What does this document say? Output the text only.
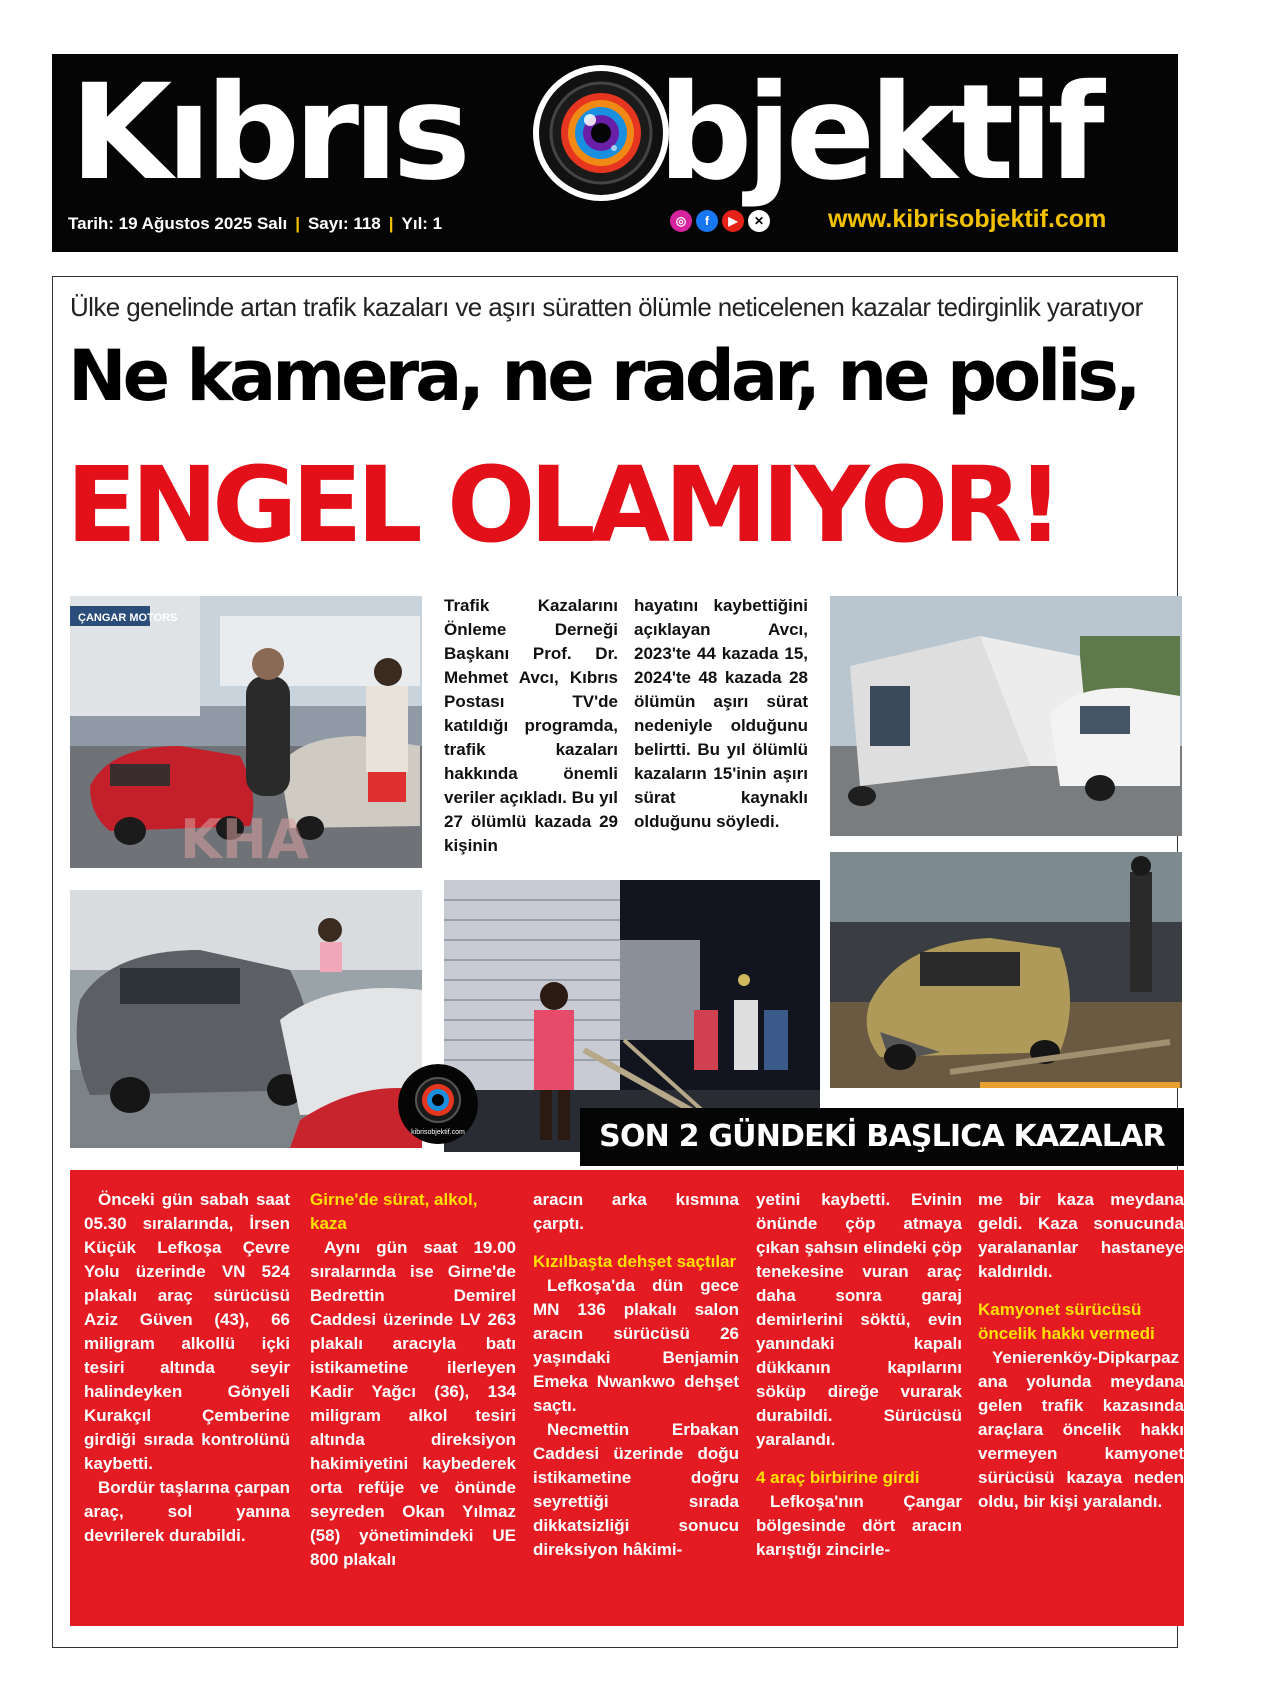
Kıbrıs bjektif
Tarih: 19 Ağustos 2025 Salı | Sayı: 118 | Yıl: 1	◎	f	▶	✕	www.kibrisobjektif.com
Ülke genelinde artan trafik kazaları ve aşırı süratten ölümle neticelenen kazalar tedirginlik yaratıyor
Ne kamera, ne radar, ne polis,
ENGEL OLAMIYOR!
ÇANGAR MOTORS
KHA
Trafik Kazalarını Önleme Derneği Başkanı Prof. Dr. Mehmet Avcı, Kıbrıs Postası TV'de katıldığı programda, trafik kazaları hakkında önemli veriler açıkladı. Bu yıl 27 ölümlü kazada 29 kişinin
hayatını kaybettiğini açıklayan Avcı, 2023'te 44 kazada 15, 2024'te 48 kazada 28 ölümün aşırı sürat nedeniyle olduğunu belirtti. Bu yıl ölümlü kazaların 15'inin aşırı sürat kaynaklı olduğunu söyledi.
kibrisobjektif.com	SON 2 GÜNDEKİ BAŞLICA KAZALAR

Önceki gün sabah saat 05.30 sıralarında, İrsen Küçük Lefkoşa Çevre Yolu üzerinde VN 524 plakalı araç sürücüsü Aziz Güven (43), 66 miligram alkollü içki tesiri altında seyir halindeyken Gönyeli Kurakçıl Çemberine girdiği sırada kontrolünü kaybetti.

Bordür taşlarına çarpan araç, sol yanına devrilerek durabildi.

Girne'de sürat, alkol, kaza

Aynı gün saat 19.00 sıralarında ise Girne'de Bedrettin Demirel Caddesi üzerinde LV 263 plakalı aracıyla batı istikametine ilerleyen Kadir Yağcı (36), 134 miligram alkol tesiri altında direksiyon hakimiyetini kaybederek orta refüje ve önünde seyreden Okan Yılmaz (58) yönetimindeki UE 800 plakalı

aracın arka kısmına çarptı.

Kızılbaşta dehşet saçtılar

Lefkoşa'da dün gece MN 136 plakalı salon aracın sürücüsü 26 yaşındaki Benjamin Emeka Nwankwo dehşet saçtı.

Necmettin Erbakan Caddesi üzerinde doğu istikametine doğru seyrettiği sırada dikkatsizliği sonucu direksiyon hâkimi-

yetini kaybetti. Evinin önünde çöp atmaya çıkan şahsın elindeki çöp tenekesine vuran araç daha sonra garaj demirlerini söktü, evin yanındaki kapalı dükkanın kapılarını söküp direğe vurarak durabildi. Sürücüsü yaralandı.

4 araç birbirine girdi

Lefkoşa'nın Çangar bölgesinde dört aracın karıştığı zincirle-

me bir kaza meydana geldi. Kaza sonucunda yaralananlar hastaneye kaldırıldı.

Kamyonet sürücüsü öncelik hakkı vermedi

Yenierenköy-Dipkarpaz ana yolunda meydana gelen trafik kazasında araçlara öncelik hakkı vermeyen kamyonet sürücüsü kazaya neden oldu, bir kişi yaralandı.
